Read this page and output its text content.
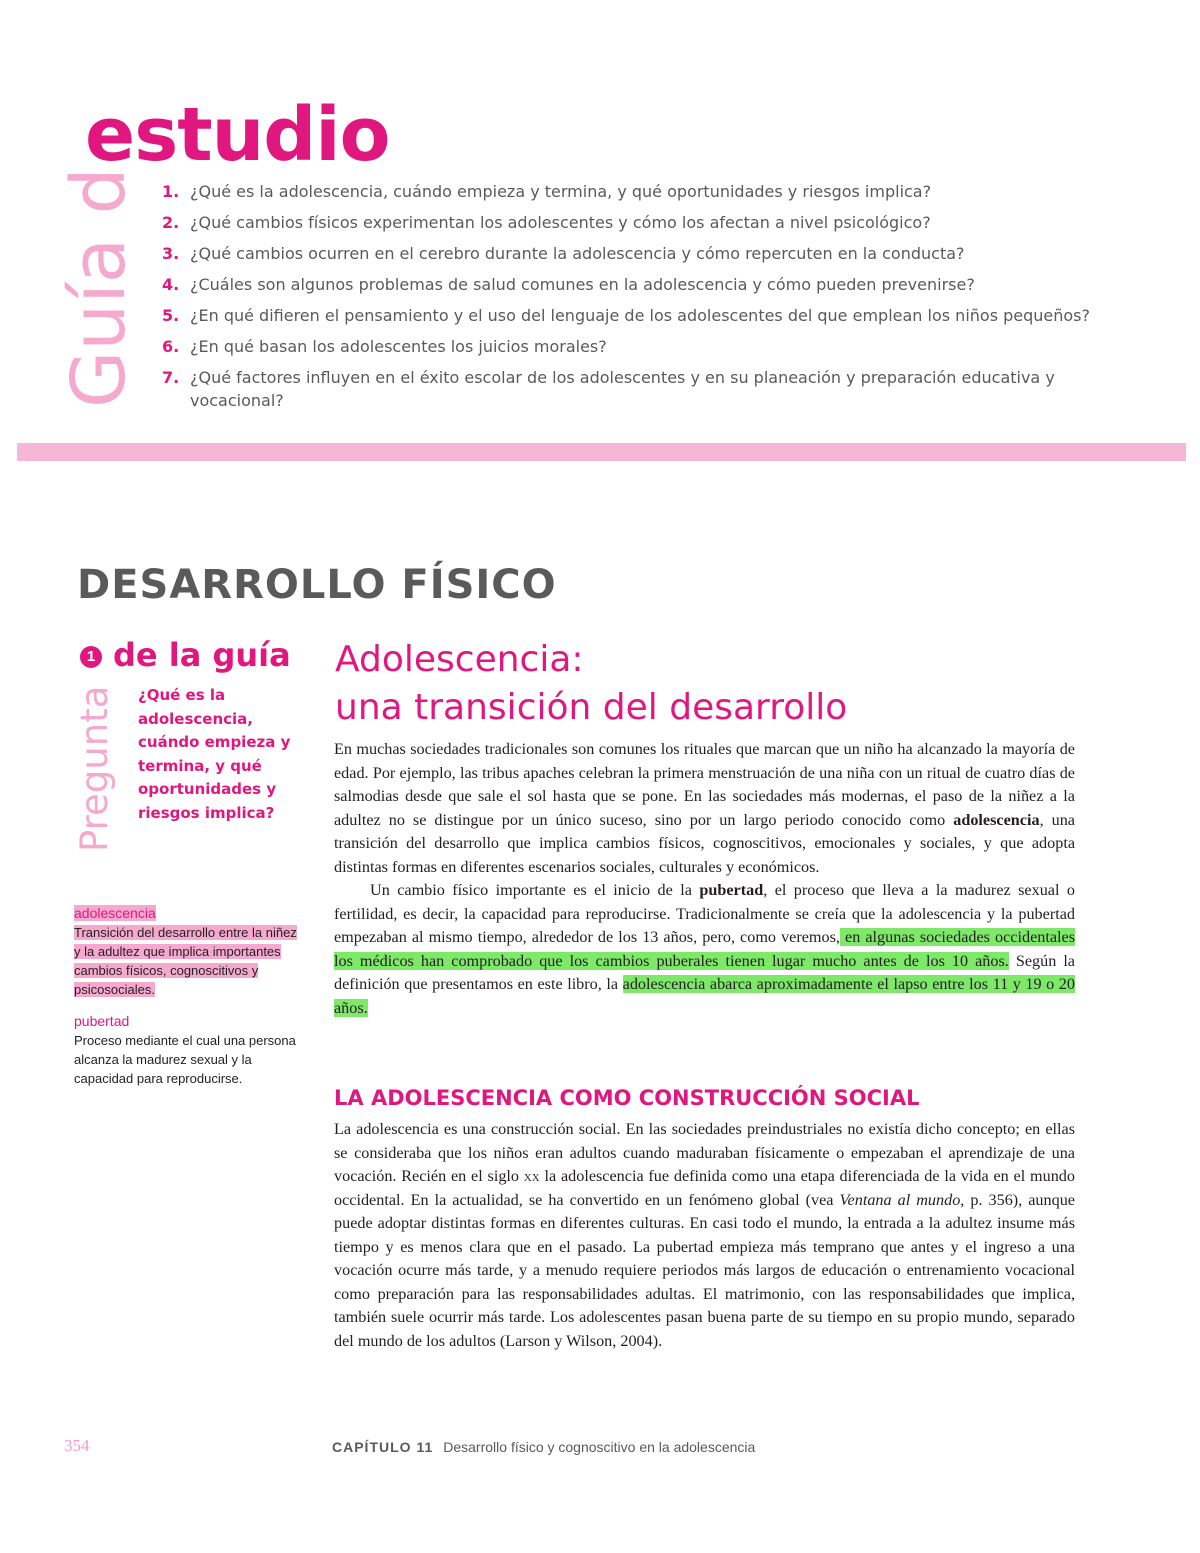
Guía d
estudio
1. ¿Qué es la adolescencia, cuándo empieza y termina, y qué oportunidades y riesgos implica?
2. ¿Qué cambios físicos experimentan los adolescentes y cómo los afectan a nivel psicológico?
3. ¿Qué cambios ocurren en el cerebro durante la adolescencia y cómo repercuten en la conducta?
4. ¿Cuáles son algunos problemas de salud comunes en la adolescencia y cómo pueden prevenirse?
5. ¿En qué difieren el pensamiento y el uso del lenguaje de los adolescentes del que emplean los niños pequeños?
6. ¿En qué basan los adolescentes los juicios morales?
7. ¿Qué factores influyen en el éxito escolar de los adolescentes y en su planeación y preparación educativa y vocacional?
DESARROLLO FÍSICO
Pregunta
1 de la guía
¿Qué es la adolescencia, cuándo empieza y termina, y qué oportunidades y riesgos implica?
adolescencia
Transición del desarrollo entre la niñez y la adultez que implica importantes cambios físicos, cognoscitivos y psicosociales.
pubertad
Proceso mediante el cual una persona alcanza la madurez sexual y la capacidad para reproducirse.
Adolescencia:
una transición del desarrollo

En muchas sociedades tradicionales son comunes los rituales que marcan que un niño ha alcanzado la mayoría de edad. Por ejemplo, las tribus apaches celebran la primera menstruación de una niña con un ritual de cuatro días de salmodias desde que sale el sol hasta que se pone. En las sociedades más modernas, el paso de la niñez a la adultez no se distingue por un único suceso, sino por un largo periodo conocido como adolescencia, una transición del desarrollo que implica cambios físicos, cognoscitivos, emocionales y sociales, y que adopta distintas formas en diferentes escenarios sociales, culturales y económicos.

Un cambio físico importante es el inicio de la pubertad, el proceso que lleva a la madurez sexual o fertilidad, es decir, la capacidad para reproducirse. Tradicionalmente se creía que la adolescencia y la pubertad empezaban al mismo tiempo, alrededor de los 13 años, pero, como veremos, en algunas sociedades occidentales los médicos han comprobado que los cambios puberales tienen lugar mucho antes de los 10 años. Según la definición que presentamos en este libro, la adolescencia abarca aproximadamente el lapso entre los 11 y 19 o 20 años.

LA ADOLESCENCIA COMO CONSTRUCCIÓN SOCIAL

La adolescencia es una construcción social. En las sociedades preindustriales no existía dicho concepto; en ellas se consideraba que los niños eran adultos cuando maduraban físicamente o empezaban el aprendizaje de una vocación. Recién en el siglo xx la adolescencia fue definida como una etapa diferenciada de la vida en el mundo occidental. En la actualidad, se ha convertido en un fenómeno global (vea Ventana al mundo, p. 356), aunque puede adoptar distintas formas en diferentes culturas. En casi todo el mundo, la entrada a la adultez insume más tiempo y es menos clara que en el pasado. La pubertad empieza más temprano que antes y el ingreso a una vocación ocurre más tarde, y a menudo requiere periodos más largos de educación o entrenamiento vocacional como preparación para las responsabilidades adultas. El matrimonio, con las responsabilidades que implica, también suele ocurrir más tarde. Los adolescentes pasan buena parte de su tiempo en su propio mundo, separado del mundo de los adultos (Larson y Wilson, 2004).

354	CAPÍTULO 11 Desarrollo físico y cognoscitivo en la adolescencia
